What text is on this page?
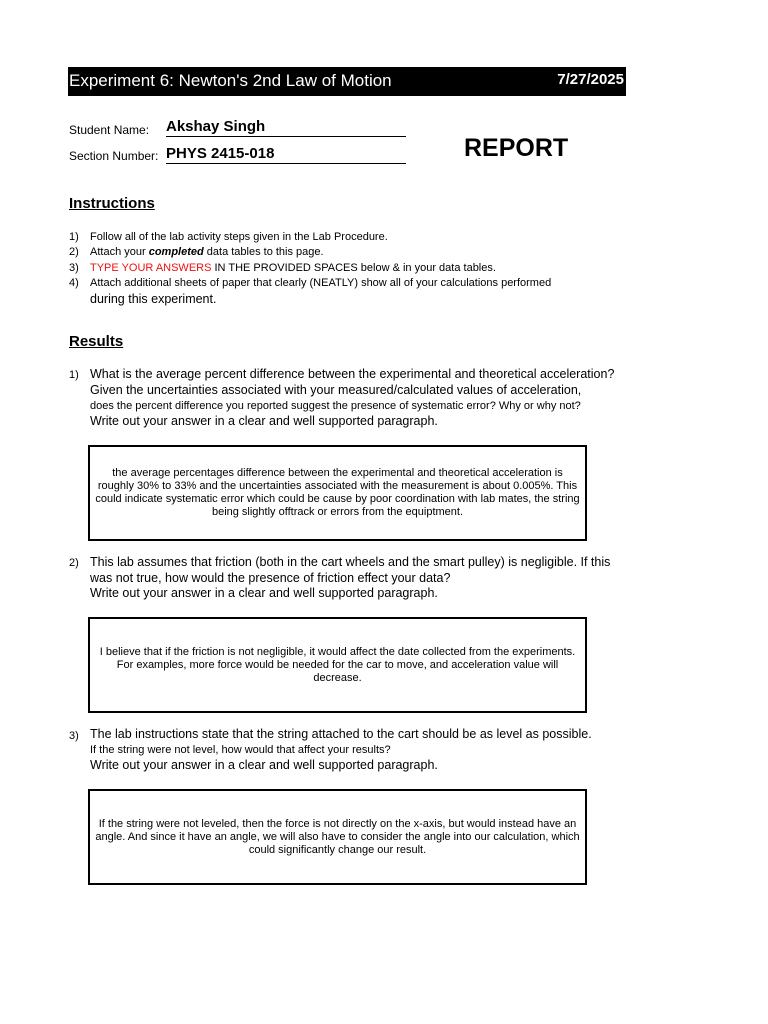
Experiment 6: Newton's 2nd Law of Motion	7/27/2025
Student Name: Akshay Singh
Section Number: PHYS 2415-018	REPORT
Instructions
1) Follow all of the lab activity steps given in the Lab Procedure.
2) Attach your completed data tables to this page.
3) TYPE YOUR ANSWERS IN THE PROVIDED SPACES below & in your data tables.
4) Attach additional sheets of paper that clearly (NEATLY) show all of your calculations performed
during this experiment.
Results
1) What is the average percent difference between the experimental and theoretical acceleration?
Given the uncertainties associated with your measured/calculated values of acceleration,
does the percent difference you reported suggest the presence of systematic error? Why or why not?
Write out your answer in a clear and well supported paragraph.
the average percentages difference between the experimental and theoretical acceleration is roughly 30% to 33% and the uncertainties associated with the measurement is about 0.005%. This could indicate systematic error which could be cause by poor coordination with lab mates, the string being slightly offtrack or errors from the equiptment.
2) This lab assumes that friction (both in the cart wheels and the smart pulley) is negligible. If this
was not true, how would the presence of friction effect your data?
Write out your answer in a clear and well supported paragraph.
I believe that if the friction is not negligible, it would affect the date collected from the experiments. For examples, more force would be needed for the car to move, and acceleration value will decrease.
3) The lab instructions state that the string attached to the cart should be as level as possible.
If the string were not level, how would that affect your results?
Write out your answer in a clear and well supported paragraph.
If the string were not leveled, then the force is not directly on the x-axis, but would instead have an angle. And since it have an angle, we will also have to consider the angle into our calculation, which could significantly change our result.
